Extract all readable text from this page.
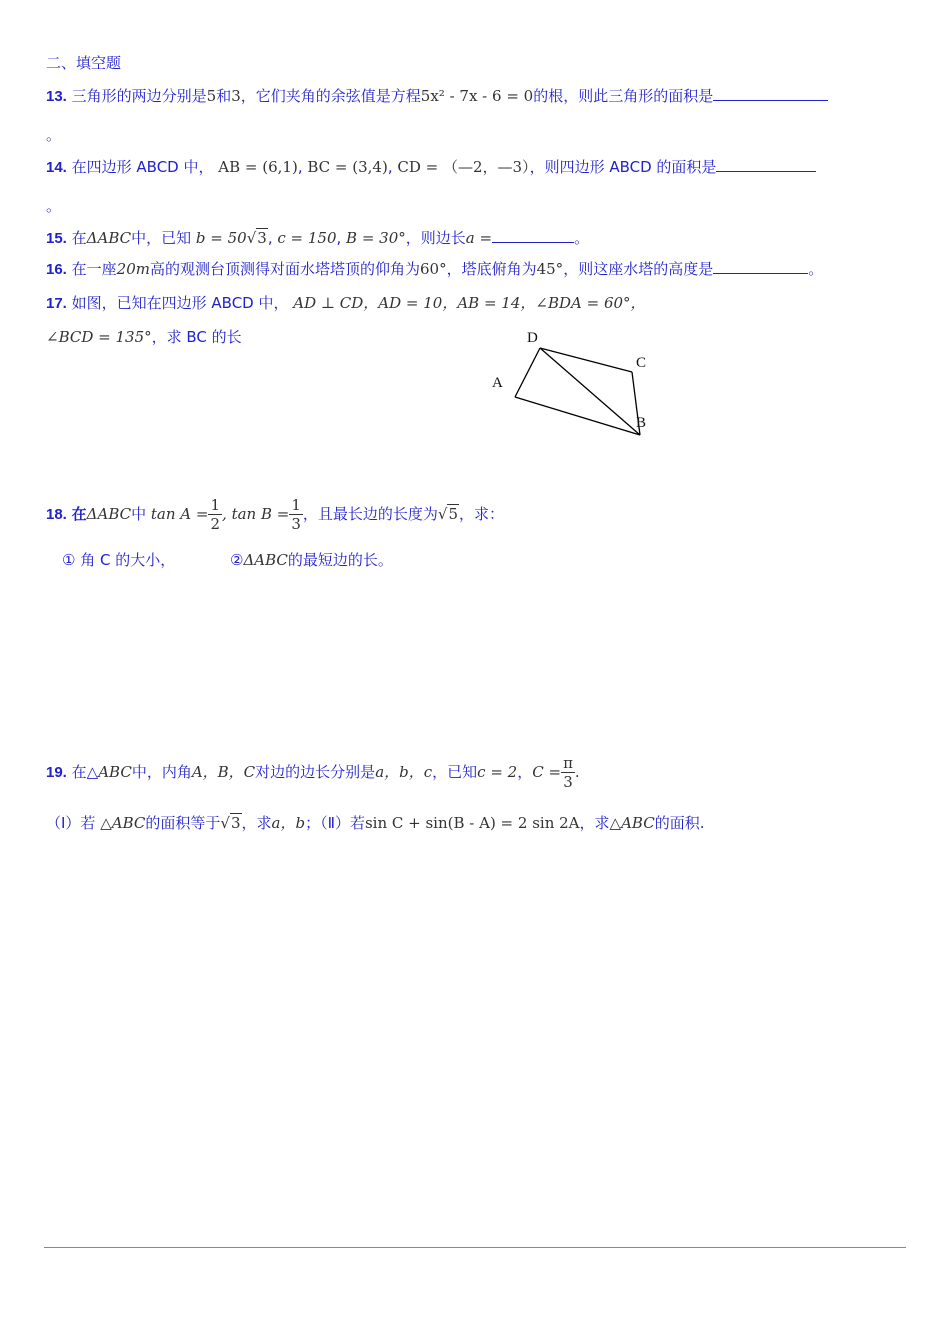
二、填空题
13. 三角形的两边分别是5和3，它们夹角的余弦值是方程5x² - 7x - 6 = 0的根，则此三角形的面积是
。
14. 在四边形 ABCD 中， AB = (6,1), BC = (3,4), CD = （—2，—3），则四边形 ABCD 的面积是
。
15. 在ΔABC中，已知 b = 50√3, c = 150, B = 30°，则边长a =	。
16. 在一座20m高的观测台顶测得对面水塔塔顶的仰角为60°，塔底俯角为45°，则这座水塔的高度是	。
17. 如图，已知在四边形 ABCD 中， AD ⊥ CD，AD = 10，AB = 14，∠BDA = 60°，
∠BCD = 135°，求 BC 的长
A
D
C
B
18. 在ΔABC中 $\tan A = \frac{1}{2}$ , $\tan B = \frac{1}{3}$ ，且最长边的长度为√5，求：
① 角 C 的大小，	②ΔABC的最短边的长。
19. 在△ABC中，内角A，B，C对边的边长分别是a，b，c，已知c = 2，$C = \frac{\pi}{3}$ .
（Ⅰ）若 △ABC的面积等于√3，求a，b；（Ⅱ）若sin C + sin(B - A) = 2 sin 2A，求△ABC的面积.
